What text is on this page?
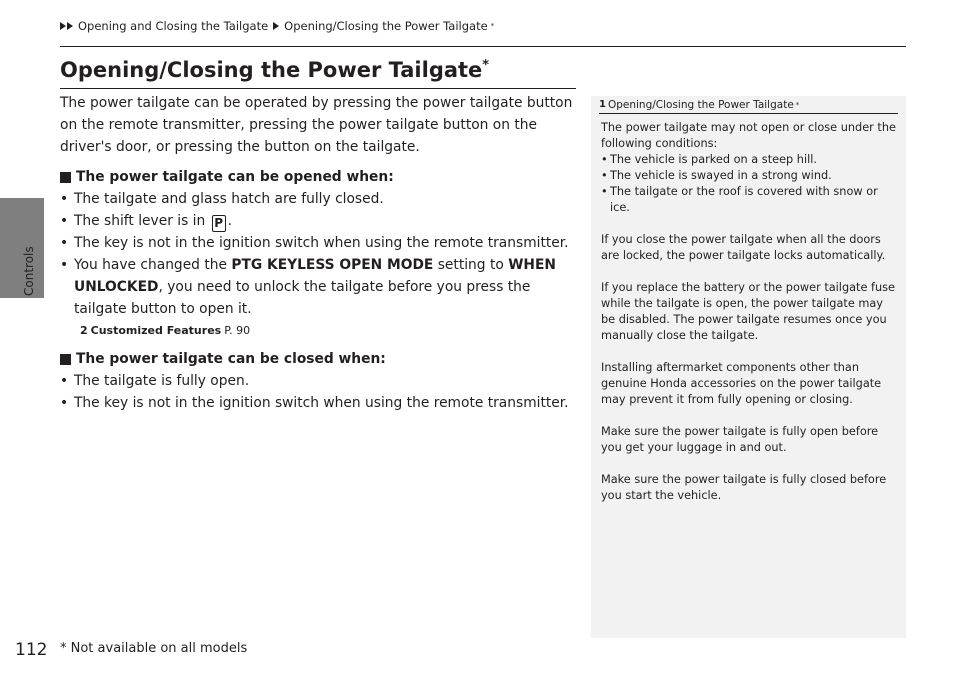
Opening and Closing the Tailgate Opening/Closing the Power Tailgate *
Controls
Opening/Closing the Power Tailgate*

The power tailgate can be operated by pressing the power tailgate button on the remote transmitter, pressing the power tailgate button on the driver's door, or pressing the button on the tailgate.

The power tailgate can be opened when:

• The tailgate and glass hatch are fully closed.
• The shift lever is in P .
• The key is not in the ignition switch when using the remote transmitter.
• You have changed the PTG KEYLESS OPEN MODE setting to WHEN UNLOCKED, you need to unlock the tailgate before you press the tailgate button to open it.

2 Customized Features P. 90

The power tailgate can be closed when:

• The tailgate is fully open.
• The key is not in the ignition switch when using the remote transmitter.
1 Opening/Closing the Power Tailgate *

The power tailgate may not open or close under the following conditions:

• The vehicle is parked on a steep hill.
• The vehicle is swayed in a strong wind.
• The tailgate or the roof is covered with snow or ice.

If you close the power tailgate when all the doors are locked, the power tailgate locks automatically.

If you replace the battery or the power tailgate fuse while the tailgate is open, the power tailgate may be disabled. The power tailgate resumes once you manually close the tailgate.

Installing aftermarket components other than genuine Honda accessories on the power tailgate may prevent it from fully opening or closing.

Make sure the power tailgate is fully open before you get your luggage in and out.

Make sure the power tailgate is fully closed before you start the vehicle.

112 * Not available on all models
